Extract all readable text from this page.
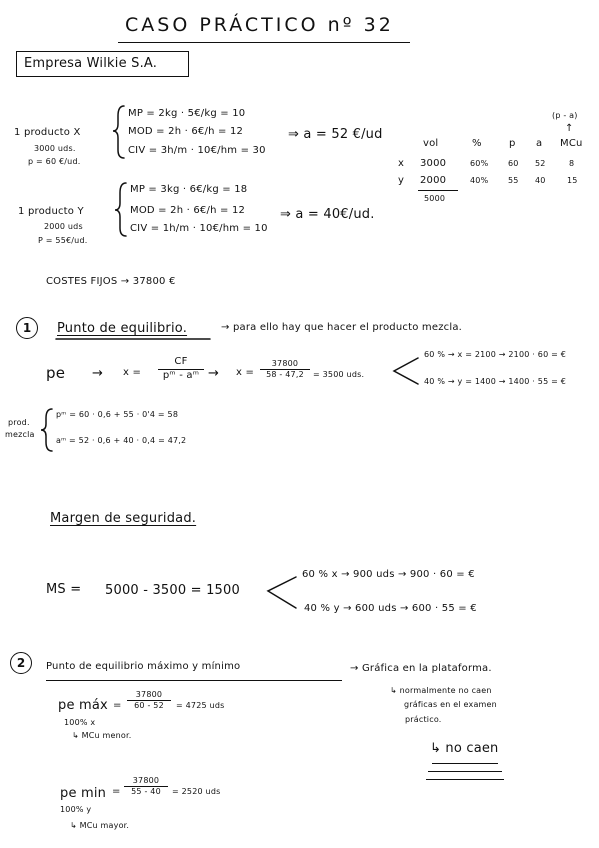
CASO PRÁCTICO nº 32
Empresa Wilkie S.A.
1 producto X
3000 uds.
p = 60 €/ud.
MP = 2kg · 5€/kg = 10
MOD = 2h · 6€/h = 12
CIV = 3h/m · 10€/hm = 30
⇒ a = 52 €/ud
1 producto Y
2000 uds
P = 55€/ud.
MP = 3kg · 6€/kg = 18
MOD = 2h · 6€/h = 12
CIV = 1h/m · 10€/hm = 10
⇒ a = 40€/ud.
(p - a)
↑
vol	%	p a MCu
x 3000	60% 60 52	8
y 2000	40% 55 40	15
5000
COSTES FIJOS → 37800 €
1	Punto de equilibrio.	→ para ello hay que hacer el producto mezcla.
pe → x =
CF
pᵐ - aᵐ → x =
37800
58 - 47,2	= 3500 uds.
60 % → x = 2100 → 2100 · 60 = €
40 % → y = 1400 → 1400 · 55 = €
prod.
mezcla
pᵐ = 60 · 0,6 + 55 · 0'4 = 58
aᵐ = 52 · 0,6 + 40 · 0,4 = 47,2
Margen de seguridad.
MS = 5000 - 3500 = 1500
60 % x → 900 uds → 900 · 60 = €
40 % y → 600 uds → 600 · 55 = €
2	Punto de equilibrio máximo y mínimo	→ Gráfica en la plataforma.
↳ normalmente no caen
gráficas en el examen
práctico.
↳ no caen
pe máx =
37800
60 - 52	= 4725 uds
100% x
↳ MCu menor.
pe min =
37800
55 - 40	= 2520 uds
100% y
↳ MCu mayor.
